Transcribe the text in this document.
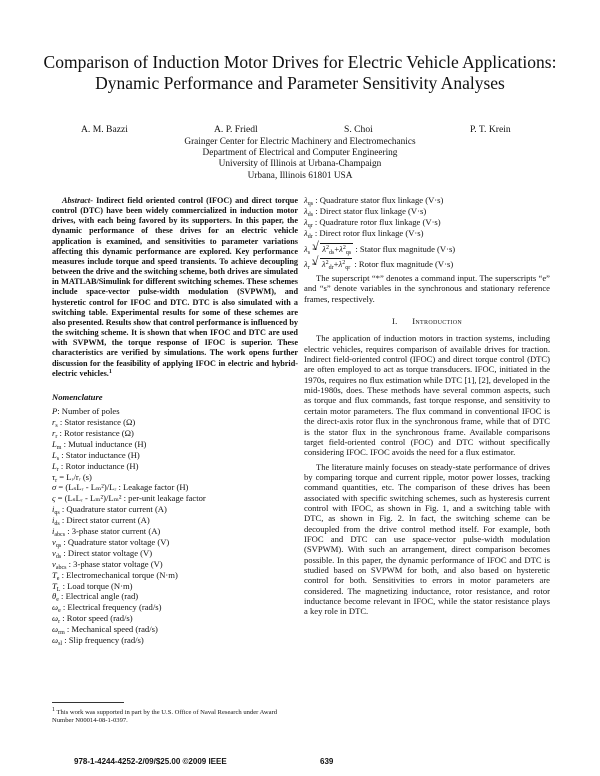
Comparison of Induction Motor Drives for Electric Vehicle Applications: Dynamic Performance and Parameter Sensitivity Analyses
A. M. Bazzi	A. P. Friedl	S. Choi	P. T. Krein
Grainger Center for Electric Machinery and Electromechanics
Department of Electrical and Computer Engineering
University of Illinois at Urbana-Champaign
Urbana, Illinois 61801 USA

Abstract- Indirect field oriented control (IFOC) and direct torque control (DTC) have been widely commercialized in induction motor drives, with each being favored by its supporters. In this paper, the dynamic performance of these drives for an electric vehicle application is examined, and sensitivities to parameter variations affecting this dynamic performance are explored. Key performance measures include torque and speed transients. To achieve decoupling between the drive and the switching scheme, both drives are simulated in MATLAB/Simulink for different switching schemes. These schemes include space-vector pulse-width modulation (SVPWM), and hysteretic control for IFOC and DTC. DTC is also simulated with a switching table. Experimental results for some of these schemes are also presented. Results show that control performance is influenced by the switching scheme. It is shown that when IFOC and DTC are used with SVPWM, the torque response of IFOC is superior. These characteristics are verified by simulations. The work opens further discussion for the feasibility of applying IFOC in electric and hybrid-electric vehicles.$^1$

Nomenclature
P: Number of poles
$r_s$ : Stator resistance (Ω)
$r_r$ : Rotor resistance (Ω)
$L_m$ : Mutual inductance (H)
$L_s$ : Stator inductance (H)
$L_r$ : Rotor inductance (H)
$\tau_r$ = Lᵣ/rᵣ (s)
σ = (LₛLᵣ - Lₘ²)/Lᵣ : Leakage factor (H)
ς = (LₛLᵣ - Lₘ²)/Lₘ² : per-unit leakage factor
$i_{qs}$ : Quadrature stator current (A)
$i_{ds}$ : Direct stator current (A)
$i_{abcs}$ : 3-phase stator current (A)
$v_{qs}$ : Quadrature stator voltage (V)
$v_{ds}$ : Direct stator voltage (V)
$v_{abcs}$ : 3-phase stator voltage (V)
$T_e$ : Electromechanical torque (N·m)
$T_L$ : Load torque (N·m)
$\theta_e$ : Electrical angle (rad)
$\omega_e$ : Electrical frequency (rad/s)
$\omega_r$ : Rotor speed (rad/s)
$\omega_{rm}$ : Mechanical speed (rad/s)
$\omega_{sl}$ : Slip frequency (rad/s)
$^1$ This work was supported in part by the U.S. Office of Naval Research under Award Number N00014-08-1-0397.
$\lambda_{qs}$ : Quadrature stator flux linkage (V·s)
$\lambda_{ds}$ : Direct stator flux linkage (V·s)
$\lambda_{qr}$ : Quadrature rotor flux linkage (V·s)
$\lambda_{dr}$ : Direct rotor flux linkage (V·s)
$\lambda_s$ = √ $\lambda^2_{ds}+\lambda^2_{qs}$ : Stator flux magnitude (V·s)
$\lambda_r$ = √ $\lambda^2_{dr}+\lambda^2_{qr}$ : Rotor flux magnitude (V·s)

The superscript “*” denotes a command input. The superscripts “e” and “s” denote variables in the synchronous and stationary reference frames, respectively.

I. Introduction

The application of induction motors in traction systems, including electric vehicles, requires comparison of available drives for traction. Indirect field-oriented control (IFOC) and direct torque control (DTC) are often employed to act as torque transducers. IFOC, initiated in the 1970s, requires no flux estimation while DTC [1], [2], developed in the mid-1980s, does. These methods have several common aspects, such as torque and flux commands, fast torque response, and sensitivity to certain motor parameters. The flux command in conventional IFOC is the direct-axis rotor flux in the synchronous frame, while that of DTC is the stator flux in the synchronous frame. Available comparisons target field-oriented control (FOC) and DTC without specifically considering IFOC. IFOC avoids the need for a flux estimator.

The literature mainly focuses on steady-state performance of drives by comparing torque and current ripple, motor power losses, tracking command quantities, etc. The comparison of these drives has been associated with specific switching schemes, such as hysteresis current control with IFOC, as shown in Fig. 1, and a switching table with DTC, as shown in Fig. 2. In fact, the switching scheme can be decoupled from the drive control method itself. For example, both IFOC and DTC can use space-vector pulse-width modulation (SVPWM). With such an arrangement, direct comparison becomes possible. In this paper, the dynamic performance of IFOC and DTC is studied based on SVPWM for both, and also based on hysteretic control for both. Sensitivities to errors in motor parameters are considered. The magnetizing inductance, rotor resistance, and rotor inductance become relevant in IFOC, while the stator resistance plays a key role in DTC.

978-1-4244-4252-2/09/$25.00 ©2009 IEEE	639
